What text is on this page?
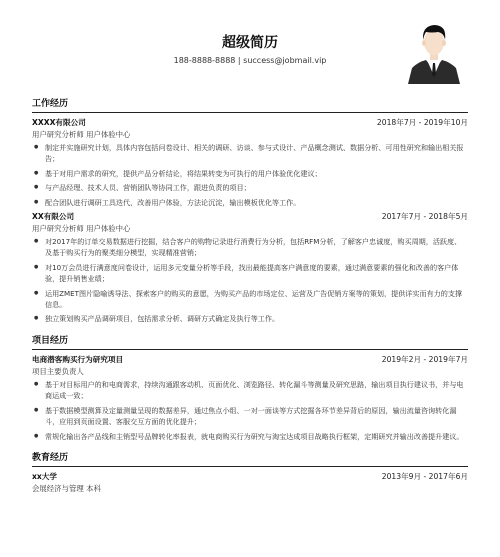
超级简历
188-8888-8888 | success@jobmail.vip
工作经历
XXXX有限公司	2018年7月 - 2019年10月
用户研究分析师 用户体验中心
● 制定并实施研究计划，具体内容包括问卷设计、相关的调研、访谈、参与式设计、产品概念测试、数据分析、可用性研究和输出相关报告；
● 基于对用户需求的研究，提供产品分析结论，将结果转变为可执行的用户体验优化建议；
● 与产品经理、技术人员、营销团队等协同工作，跟进负责的项目；
● 配合团队进行调研工具迭代，改善用户体验，方法论沉淀，输出模板优化等工作。
XX有限公司	2017年7月 - 2018年5月
用户研究分析师 用户体验中心
● 对2017年的订单交易数据进行挖掘，结合客户的购物记录进行消费行为分析，包括RFM分析，了解客户忠诚度，购买周期，活跃度、及基于购买行为的聚类细分模型，实现精准营销；
● 对10万会员进行满意度问卷设计，运用多元变量分析等手段，找出最能提高客户满意度的要素，通过满意要素的强化和改善的客户体验，提升销售业绩；
● 运用ZMET图片隐喻诱导法、探索客户的购买的意愿，为购买产品的市场定位、运营及广告促销方案等的策划，提供详实而有力的支撑信息。
● 独立策划购买产品调研项目，包括需求分析、调研方式确定及执行等工作。
项目经历
电商潜客购买行为研究项目	2019年2月 - 2019年7月
项目主要负责人
● 基于对目标用户的和电商需求，持续沟通跟客动机、页面优化、浏览路径、转化漏斗等测量及研究思路，输出项目执行建议书，并与电商运成一致；
● 基于数据模型测算及定量测量呈现的数据差异，通过焦点小组、一对一面谈等方式挖掘各环节差异背后的原因，输出流量咨询转化漏斗，应用到页面设置、客服交互方面的优化提升；
● 常规化输出各产品线和主销型号品牌转化率报表，就电商购买行为研究与淘宝达成项目战略执行框架，定期研究并输出改善提升建议。
教育经历
xx大学	2013年9月 - 2017年6月
会展经济与管理 本科
